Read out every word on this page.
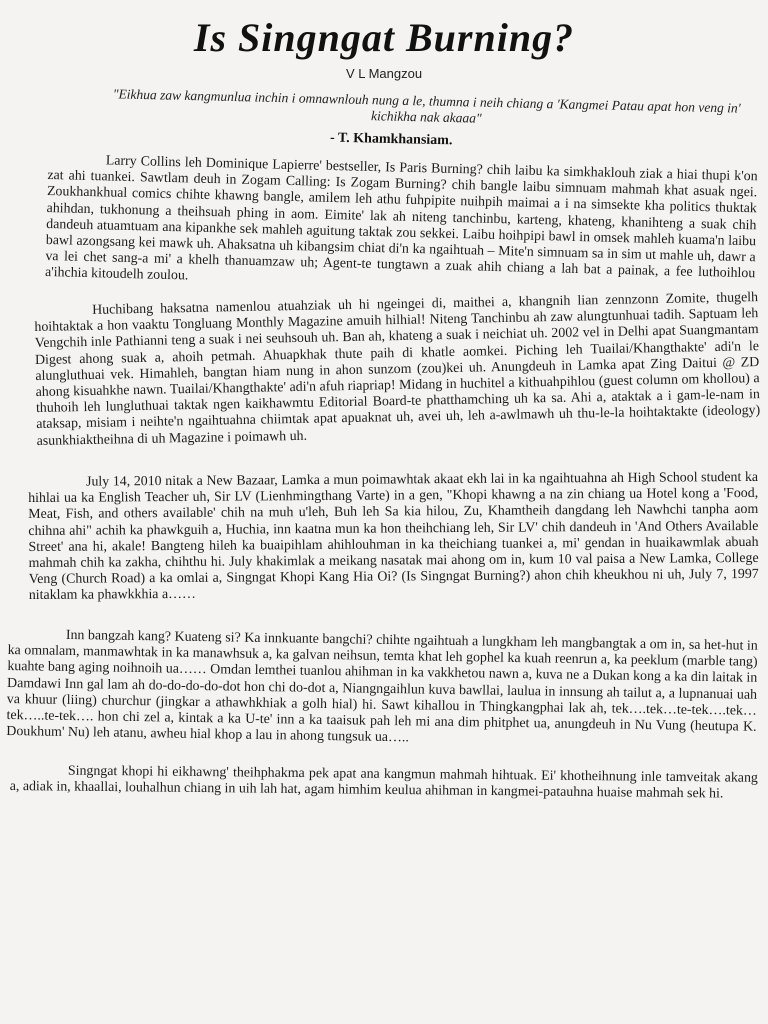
Is Singngat Burning?
V L Mangzou
"Eikhua zaw kangmunlua inchin i omnawnlouh nung a le, thumna i neih chiang a 'Kangmei Patau apat hon veng in' kichikha nak akaaa"
- T. Khamkhansiam.

Larry Collins leh Dominique Lapierre' bestseller, Is Paris Burning? chih laibu ka simkhaklouh ziak a hiai thupi k'on zat ahi tuankei. Sawtlam deuh in Zogam Calling: Is Zogam Burning? chih bangle laibu simnuam mahmah khat asuak ngei. Zoukhankhual comics chihte khawng bangle, amilem leh athu fuhpipite nuihpih maimai a i na simsekte kha politics thuktak ahihdan, tukhonung a theihsuah phing in aom. Eimite' lak ah niteng tanchinbu, karteng, khateng, khanihteng a suak chih dandeuh atuamtuam ana kipankhe sek mahleh aguitung taktak zou sekkei. Laibu hoihpipi bawl in omsek mahleh kuama'n laibu bawl azongsang kei mawk uh. Ahaksatna uh kibangsim chiat di'n ka ngaihtuah – Mite'n simnuam sa in sim ut mahle uh, dawr a va lei chet sang-a mi' a khelh thanuamzaw uh; Agent-te tungtawn a zuak ahih chiang a lah bat a painak, a fee luthoihlou a'ihchia kitoudelh zoulou.

Huchibang haksatna namenlou atuahziak uh hi ngeingei di, maithei a, khangnih lian zennzonn Zomite, thugelh hoihtaktak a hon vaaktu Tongluang Monthly Magazine amuih hilhial! Niteng Tanchinbu ah zaw alungtunhuai tadih. Saptuam leh Vengchih inle Pathianni teng a suak i nei seuhsouh uh. Ban ah, khateng a suak i neichiat uh. 2002 vel in Delhi apat Suangmantam Digest ahong suak a, ahoih petmah. Ahuapkhak thute paih di khatle aomkei. Piching leh Tuailai/Khangthakte' adi'n le alungluthuai vek. Himahleh, bangtan hiam nung in ahon sunzom (zou)kei uh. Anungdeuh in Lamka apat Zing Daitui @ ZD ahong kisuahkhe nawn. Tuailai/Khangthakte' adi'n afuh riapriap! Midang in huchitel a kithuahpihlou (guest column om khollou) a thuhoih leh lungluthuai taktak ngen kaikhawmtu Editorial Board-te phatthamching uh ka sa. Ahi a, ataktak a i gam-le-nam in ataksap, misiam i neihte'n ngaihtuahna chiimtak apat apuaknat uh, avei uh, leh a-awlmawh uh thu-le-la hoihtaktakte (ideology) asunkhiaktheihna di uh Magazine i poimawh uh.

July 14, 2010 nitak a New Bazaar, Lamka a mun poimawhtak akaat ekh lai in ka ngaihtuahna ah High School student ka hihlai ua ka English Teacher uh, Sir LV (Lienhmingthang Varte) in a gen, "Khopi khawng a na zin chiang ua Hotel kong a 'Food, Meat, Fish, and others available' chih na muh u'leh, Buh leh Sa kia hilou, Zu, Khamtheih dangdang leh Nawhchi tanpha aom chihna ahi" achih ka phawkguih a, Huchia, inn kaatna mun ka hon theihchiang leh, Sir LV' chih dandeuh in 'And Others Available Street' ana hi, akale! Bangteng hileh ka buaipihlam ahihlouhman in ka theichiang tuankei a, mi' gendan in huaikawmlak abuah mahmah chih ka zakha, chihthu hi. July khakimlak a meikang nasatak mai ahong om in, kum 10 val paisa a New Lamka, College Veng (Church Road) a ka omlai a, Singngat Khopi Kang Hia Oi? (Is Singngat Burning?) ahon chih kheukhou ni uh, July 7, 1997 nitaklam ka phawkkhia a……

Inn bangzah kang? Kuateng si? Ka innkuante bangchi? chihte ngaihtuah a lungkham leh mangbangtak a om in, sa het-hut in ka omnalam, manmawhtak in ka manawhsuk a, ka galvan neihsun, temta khat leh gophel ka kuah reenrun a, ka peeklum (marble tang) kuahte bang aging noihnoih ua…… Omdan lemthei tuanlou ahihman in ka vakkhetou nawn a, kuva ne a Dukan kong a ka din laitak in Damdawi Inn gal lam ah do-do-do-do-dot hon chi do-dot a, Niangngaihlun kuva bawllai, laulua in innsung ah tailut a, a lupnanuai uah va khuur (liing) churchur (jingkar a athawhkhiak a golh hial) hi. Sawt kihallou in Thingkangphai lak ah, tek….tek…te-tek….tek…tek…..te-tek…. hon chi zel a, kintak a ka U-te' inn a ka taaisuk pah leh mi ana dim phitphet ua, anungdeuh in Nu Vung (heutupa K. Doukhum' Nu) leh atanu, awheu hial khop a lau in ahong tungsuk ua…..

Singngat khopi hi eikhawng' theihphakma pek apat ana kangmun mahmah hihtuak. Ei' khotheihnung inle tamveitak akang a, adiak in, khaallai, louhalhun chiang in uih lah hat, agam himhim keulua ahihman in kangmei-patauhna huaise mahmah sek hi.
